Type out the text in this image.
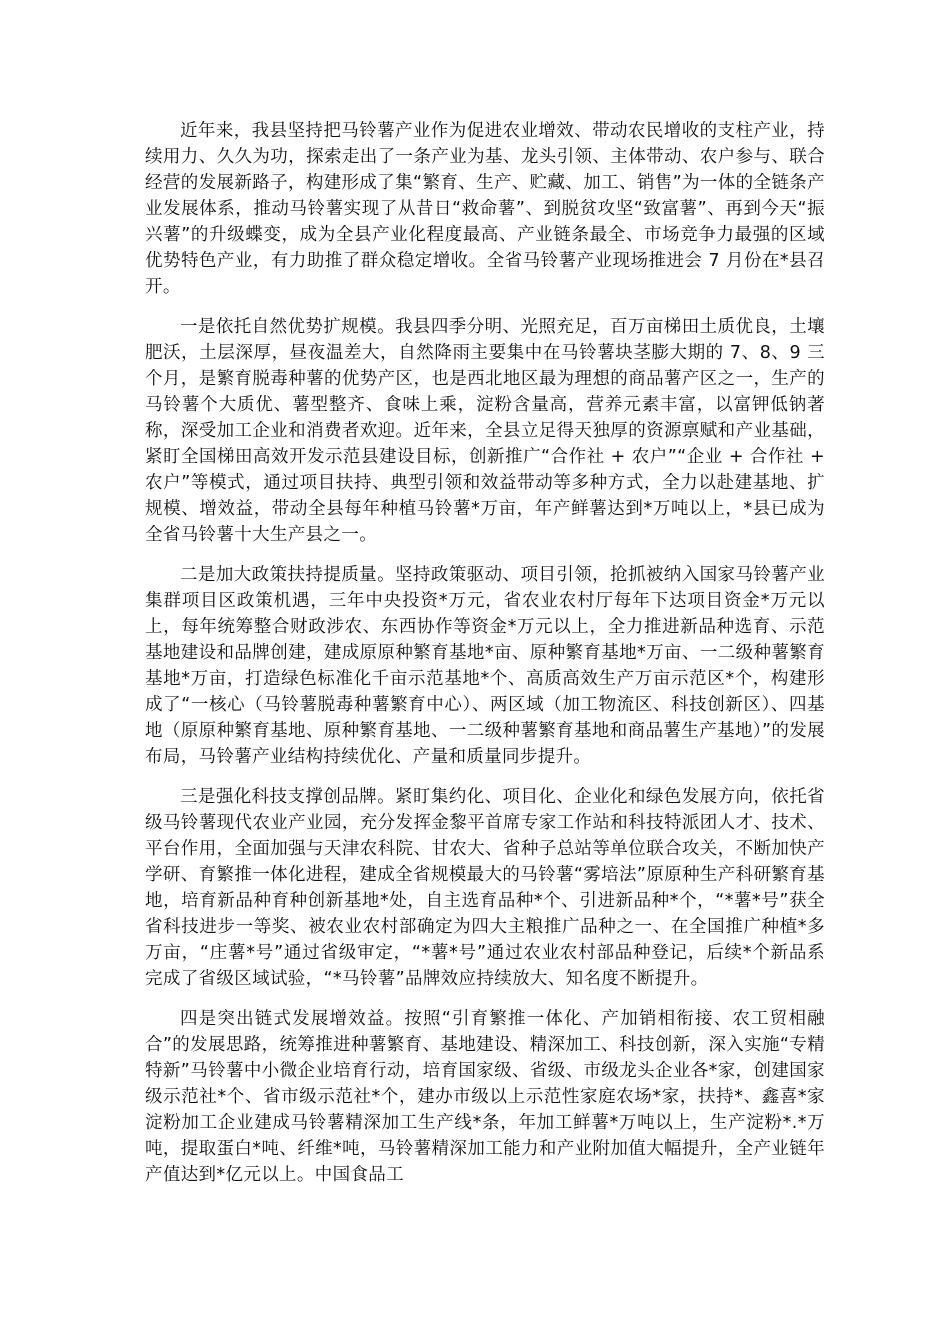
近年来，我县坚持把马铃薯产业作为促进农业增效、带动农民增收的支柱产业，持续用力、久久为功，探索走出了一条产业为基、龙头引领、主体带动、农户参与、联合经营的发展新路子，构建形成了集“繁育、生产、贮藏、加工、销售”为一体的全链条产业发展体系，推动马铃薯实现了从昔日“救命薯”、到脱贫攻坚“致富薯”、再到今天“振兴薯”的升级蝶变，成为全县产业化程度最高、产业链条最全、市场竞争力最强的区域优势特色产业，有力助推了群众稳定增收。全省马铃薯产业现场推进会 7 月份在*县召开。

一是依托自然优势扩规模。我县四季分明、光照充足，百万亩梯田土质优良，土壤肥沃，土层深厚，昼夜温差大，自然降雨主要集中在马铃薯块茎膨大期的 7、8、9 三个月，是繁育脱毒种薯的优势产区，也是西北地区最为理想的商品薯产区之一，生产的马铃薯个大质优、薯型整齐、食味上乘，淀粉含量高，营养元素丰富，以富钾低钠著称，深受加工企业和消费者欢迎。近年来，全县立足得天独厚的资源禀赋和产业基础，紧盯全国梯田高效开发示范县建设目标，创新推广“合作社 + 农户”“企业 + 合作社 + 农户”等模式，通过项目扶持、典型引领和效益带动等多种方式，全力以赴建基地、扩规模、增效益，带动全县每年种植马铃薯*万亩，年产鲜薯达到*万吨以上，*县已成为全省马铃薯十大生产县之一。

二是加大政策扶持提质量。坚持政策驱动、项目引领，抢抓被纳入国家马铃薯产业集群项目区政策机遇，三年中央投资*万元，省农业农村厅每年下达项目资金*万元以上，每年统筹整合财政涉农、东西协作等资金*万元以上，全力推进新品种选育、示范基地建设和品牌创建，建成原原种繁育基地*亩、原种繁育基地*万亩、一二级种薯繁育基地*万亩，打造绿色标准化千亩示范基地*个、高质高效生产万亩示范区*个，构建形成了“一核心（马铃薯脱毒种薯繁育中心）、两区域（加工物流区、科技创新区）、四基地（原原种繁育基地、原种繁育基地、一二级种薯繁育基地和商品薯生产基地）”的发展布局，马铃薯产业结构持续优化、产量和质量同步提升。

三是强化科技支撑创品牌。紧盯集约化、项目化、企业化和绿色发展方向，依托省级马铃薯现代农业产业园，充分发挥金黎平首席专家工作站和科技特派团人才、技术、平台作用，全面加强与天津农科院、甘农大、省种子总站等单位联合攻关，不断加快产学研、育繁推一体化进程，建成全省规模最大的马铃薯“雾培法”原原种生产科研繁育基地，培育新品种育种创新基地*处，自主选育品种*个、引进新品种*个，“*薯*号”获全省科技进步一等奖、被农业农村部确定为四大主粮推广品种之一、在全国推广种植*多万亩，“庄薯*号”通过省级审定，“*薯*号”通过农业农村部品种登记，后续*个新品系完成了省级区域试验，“*马铃薯”品牌效应持续放大、知名度不断提升。

四是突出链式发展增效益。按照“引育繁推一体化、产加销相衔接、农工贸相融合”的发展思路，统筹推进种薯繁育、基地建设、精深加工、科技创新，深入实施“专精特新”马铃薯中小微企业培育行动，培育国家级、省级、市级龙头企业各*家，创建国家级示范社*个、省市级示范社*个，建办市级以上示范性家庭农场*家，扶持*、鑫喜*家淀粉加工企业建成马铃薯精深加工生产线*条，年加工鲜薯*万吨以上，生产淀粉*.*万吨，提取蛋白*吨、纤维*吨，马铃薯精深加工能力和产业附加值大幅提升，全产业链年产值达到*亿元以上。中国食品工
